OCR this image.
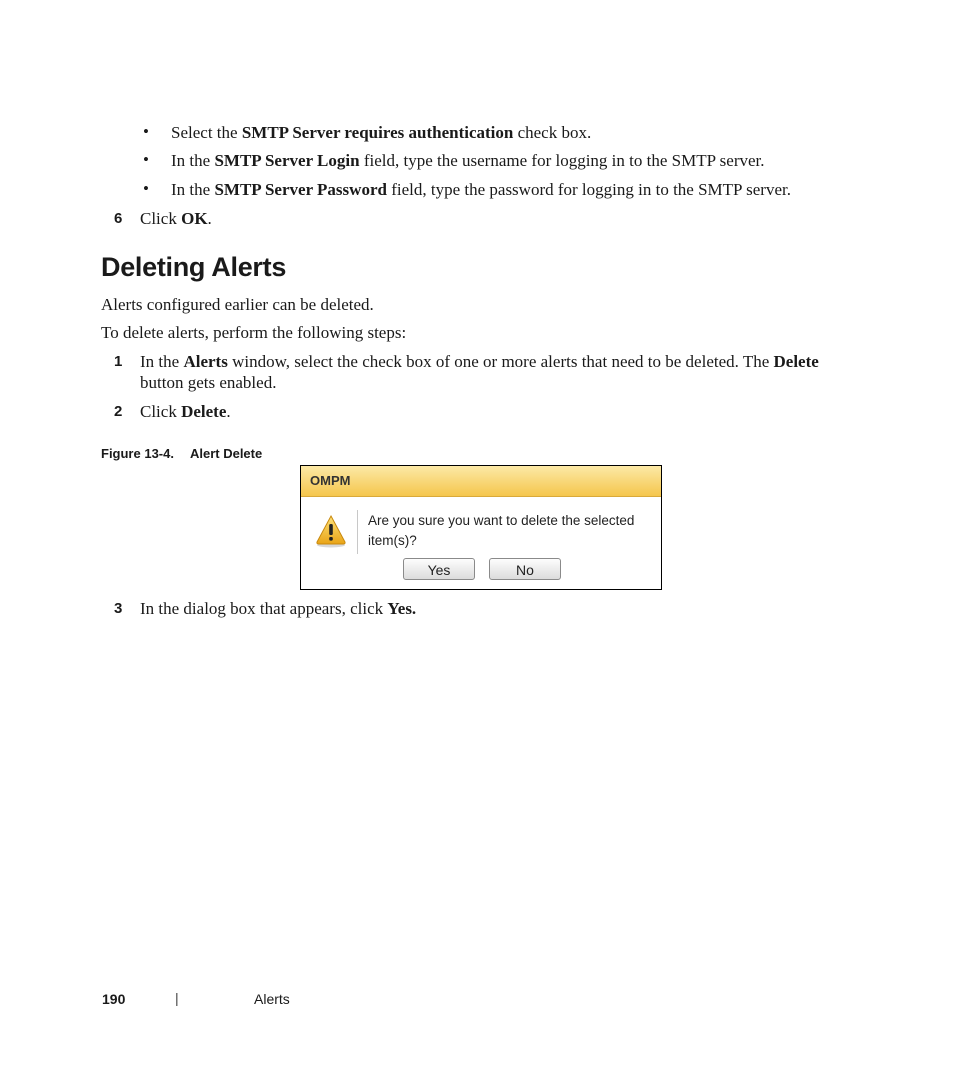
• Select the SMTP Server requires authentication check box.
• In the SMTP Server Login field, type the username for logging in to the SMTP server.
• In the SMTP Server Password field, type the password for logging in to the SMTP server.
6 Click OK.
Deleting Alerts
Alerts configured earlier can be deleted.
To delete alerts, perform the following steps:
1 In the Alerts window, select the check box of one or more alerts that need to be deleted. The Delete
button gets enabled.
2 Click Delete.
Figure 13-4. Alert Delete
OMPM
Are you sure you want to delete the selected item(s)?
Yes	No
3 In the dialog box that appears, click Yes.
190	|	Alerts
